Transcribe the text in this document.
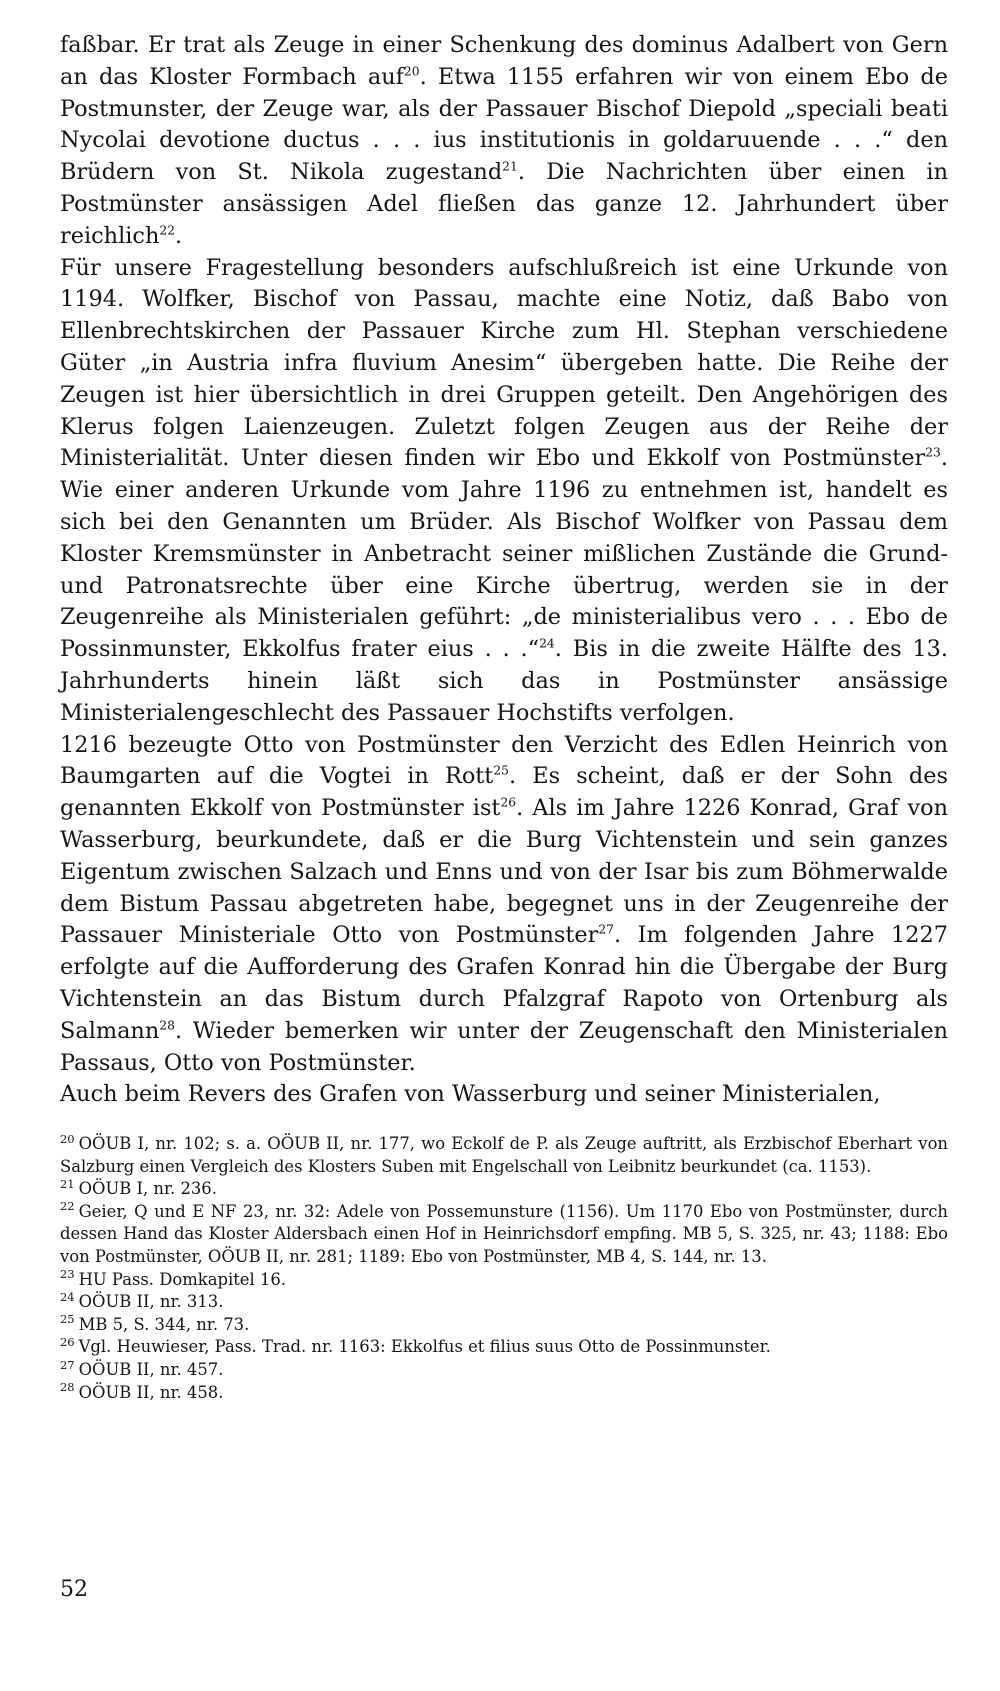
faßbar. Er trat als Zeuge in einer Schenkung des dominus Adalbert von Gern an das Kloster Formbach auf$^{20}$. Etwa 1155 erfahren wir von einem Ebo de Postmunster, der Zeuge war, als der Passauer Bischof Diepold „speciali beati Nycolai devotione ductus . . . ius institutionis in goldaruuende . . .“ den Brüdern von St. Nikola zugestand$^{21}$. Die Nachrichten über einen in Postmünster ansässigen Adel fließen das ganze 12. Jahrhundert über reichlich$^{22}$.

Für unsere Fragestellung besonders aufschlußreich ist eine Urkunde von 1194. Wolfker, Bischof von Passau, machte eine Notiz, daß Babo von Ellenbrechtskirchen der Passauer Kirche zum Hl. Stephan verschiedene Güter „in Austria infra fluvium Anesim“ übergeben hatte. Die Reihe der Zeugen ist hier übersichtlich in drei Gruppen geteilt. Den Angehörigen des Klerus folgen Laienzeugen. Zuletzt folgen Zeugen aus der Reihe der Ministerialität. Unter diesen finden wir Ebo und Ekkolf von Postmünster$^{23}$. Wie einer anderen Urkunde vom Jahre 1196 zu entnehmen ist, handelt es sich bei den Genannten um Brüder. Als Bischof Wolfker von Passau dem Kloster Kremsmünster in Anbetracht seiner mißlichen Zustände die Grund- und Patronatsrechte über eine Kirche übertrug, werden sie in der Zeugenreihe als Ministerialen geführt: „de ministerialibus vero . . . Ebo de Possinmunster, Ekkolfus frater eius . . .“$^{24}$. Bis in die zweite Hälfte des 13. Jahrhunderts hinein läßt sich das in Postmünster ansässige Ministerialengeschlecht des Passauer Hochstifts verfolgen.

1216 bezeugte Otto von Postmünster den Verzicht des Edlen Heinrich von Baumgarten auf die Vogtei in Rott$^{25}$. Es scheint, daß er der Sohn des genannten Ekkolf von Postmünster ist$^{26}$. Als im Jahre 1226 Konrad, Graf von Wasserburg, beurkundete, daß er die Burg Vichtenstein und sein ganzes Eigentum zwischen Salzach und Enns und von der Isar bis zum Böhmerwalde dem Bistum Passau abgetreten habe, begegnet uns in der Zeugenreihe der Passauer Ministeriale Otto von Postmünster$^{27}$. Im folgenden Jahre 1227 erfolgte auf die Aufforderung des Grafen Konrad hin die Übergabe der Burg Vichtenstein an das Bistum durch Pfalzgraf Rapoto von Ortenburg als Salmann$^{28}$. Wieder bemerken wir unter der Zeugenschaft den Ministerialen Passaus, Otto von Postmünster.

Auch beim Revers des Grafen von Wasserburg und seiner Ministerialen,

$^{20}$ OÖUB I, nr. 102; s. a. OÖUB II, nr. 177, wo Eckolf de P. als Zeuge auftritt, als Erzbischof Eberhart von Salzburg einen Vergleich des Klosters Suben mit Engelschall von Leibnitz beurkundet (ca. 1153).

$^{21}$ OÖUB I, nr. 236.

$^{22}$ Geier, Q und E NF 23, nr. 32: Adele von Possemunsture (1156). Um 1170 Ebo von Postmünster, durch dessen Hand das Kloster Aldersbach einen Hof in Heinrichsdorf empfing. MB 5, S. 325, nr. 43; 1188: Ebo von Postmünster, OÖUB II, nr. 281; 1189: Ebo von Postmünster, MB 4, S. 144, nr. 13.

$^{23}$ HU Pass. Domkapitel 16.

$^{24}$ OÖUB II, nr. 313.

$^{25}$ MB 5, S. 344, nr. 73.

$^{26}$ Vgl. Heuwieser, Pass. Trad. nr. 1163: Ekkolfus et filius suus Otto de Possinmunster.

$^{27}$ OÖUB II, nr. 457.

$^{28}$ OÖUB II, nr. 458.

52
